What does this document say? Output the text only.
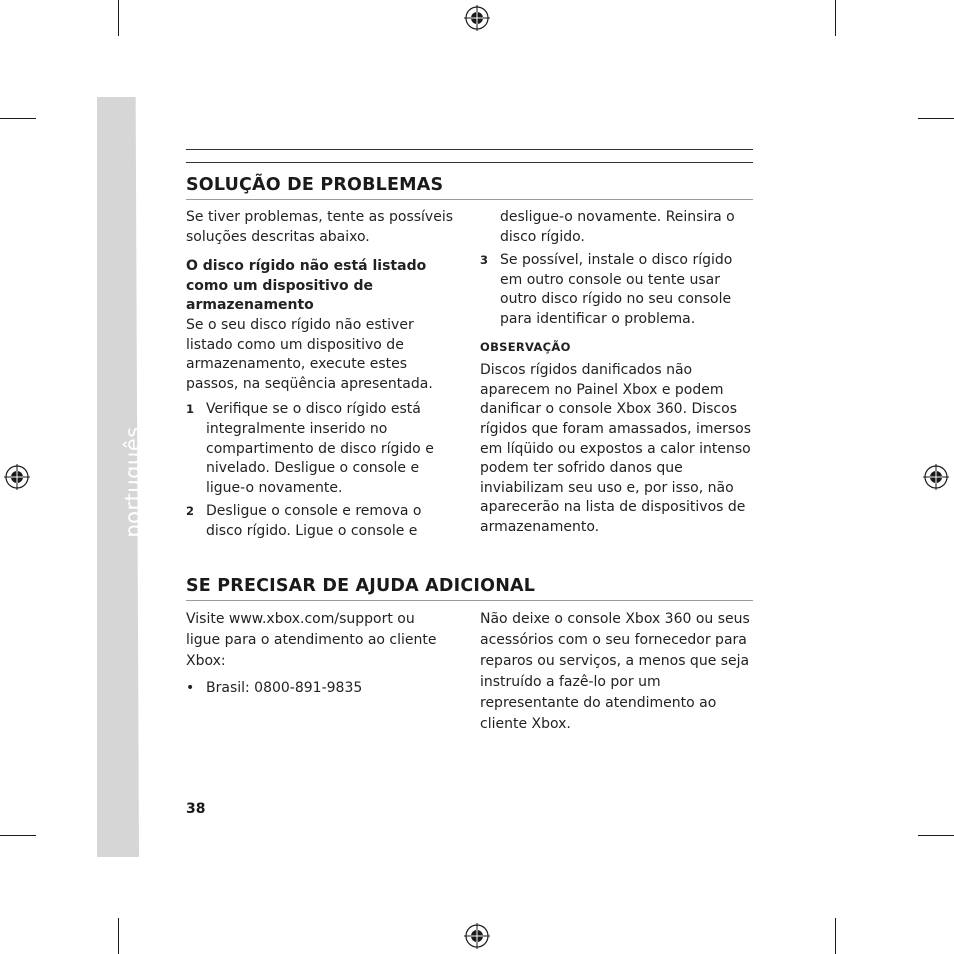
português
SOLUÇÃO DE PROBLEMAS

Se tiver problemas, tente as possíveis soluções descritas abaixo.

O disco rígido não está listado como um dispositivo de armazenamento

Se o seu disco rígido não estiver listado como um dispositivo de armazenamento, execute estes passos, na seqüência apresentada.

1 Verifique se o disco rígido está integralmente inserido no compartimento de disco rígido e nivelado. Desligue o console e ligue-o novamente.

2 Desligue o console e remova o disco rígido. Ligue o console e

desligue-o novamente. Reinsira o disco rígido.

3 Se possível, instale o disco rígido em outro console ou tente usar outro disco rígido no seu console para identificar o problema.

OBSERVAÇÃO

Discos rígidos danificados não aparecem no Painel Xbox e podem danificar o console Xbox 360. Discos rígidos que foram amassados, imersos em líqüido ou expostos a calor intenso podem ter sofrido danos que inviabilizam seu uso e, por isso, não aparecerão na lista de dispositivos de armazenamento.

SE PRECISAR DE AJUDA ADICIONAL

Visite www.xbox.com/support ou ligue para o atendimento ao cliente Xbox:

• Brasil: 0800-891-9835

Não deixe o console Xbox 360 ou seus acessórios com o seu fornecedor para reparos ou serviços, a menos que seja instruído a fazê-lo por um representante do atendimento ao cliente Xbox.

38
